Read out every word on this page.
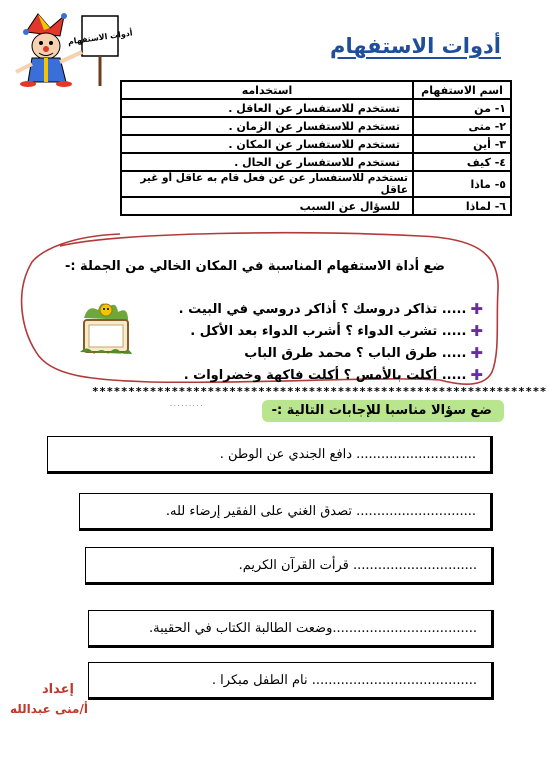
أدوات الاستفهام	أدوات الاستفهام
اسم الاستفهام	استخدامه
١- من	تستخدم للاستفسار عن العاقل .
٢- متى	تستخدم للاستفسار عن الزمان .
٣- أين	تستخدم للاستفسار عن المكان .
٤- كيف	تستخدم للاستفسار عن الحال .
٥- ماذا	تستخدم للاستفسار عن عن فعل قام به عاقل أو غير عاقل
٦- لماذا	للسؤال عن السبب
ضع أداة الاستفهام المناسبة في المكان الخالي من الجملة :-
✚
..... تذاكر دروسك ؟ أذاكر دروسي في البيت .
✚
..... تشرب الدواء ؟ أشرب الدواء بعد الأكل .
✚
..... طرق الباب ؟ محمد طرق الباب
✚
..... أكلت بالأمس ؟ أكلت فاكهة وخضراوات .
***************************************************************
· · · · · · · · ·	ضع سؤالا مناسبا للإجابات التالية :-
............................. دافع الجندي عن الوطن .
............................. تصدق الغني على الفقير إرضاء لله.
.............................. قرأت القرآن الكريم.
...................................وضعت الطالبة الكتاب في الحقيبة.
........................................ نام الطفل مبكرا .
إعداد
أ/منى عبدالله
